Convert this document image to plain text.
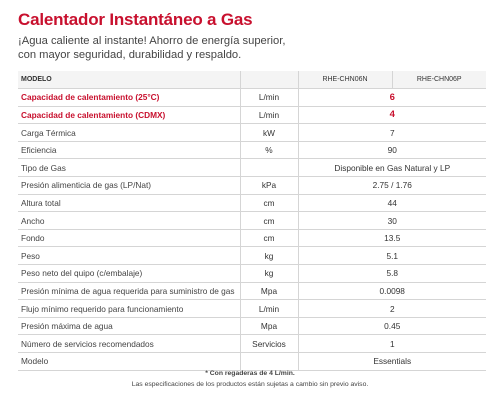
Calentador Instantáneo a Gas
¡Agua caliente al instante! Ahorro de energía superior,
con mayor seguridad, durabilidad y respaldo.
MODELO		RHE-CHN06N	RHE-CHN06P
Capacidad de calentamiento (25°C)	L/min	6	
Capacidad de calentamiento (CDMX)	L/min	4	
Carga Térmica	kW	7	
Eficiencia	%	90	
Tipo de Gas		Disponible en Gas Natural y LP	
Presión alimenticia de gas (LP/Nat)	kPa	2.75 / 1.76	
Altura total	cm	44	
Ancho	cm	30	
Fondo	cm	13.5	
Peso	kg	5.1	
Peso neto del quipo (c/embalaje)	kg	5.8	
Presión mínima de agua requerida para suministro de gas	Mpa	0.0098	
Flujo mínimo requerido para funcionamiento	L/min	2	
Presión máxima de agua	Mpa	0.45	
Número de servicios recomendados	Servicios	1	
Modelo		Essentials	
* Con regaderas de 4 L/min.
Las especificaciones de los productos están sujetas a cambio sin previo aviso.
